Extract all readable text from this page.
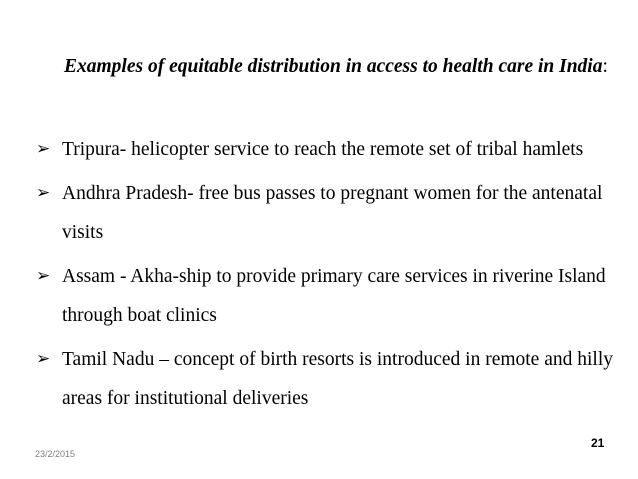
Examples of equitable distribution in access to health care in India:
➢ Tripura- helicopter service to reach the remote set of tribal hamlets
➢ Andhra Pradesh- free bus passes to pregnant women for the antenatal visits
➢ Assam - Akha-ship to provide primary care services in riverine Island through boat clinics
➢ Tamil Nadu – concept of birth resorts is introduced in remote and hilly areas for institutional deliveries
23/2/2015
21
